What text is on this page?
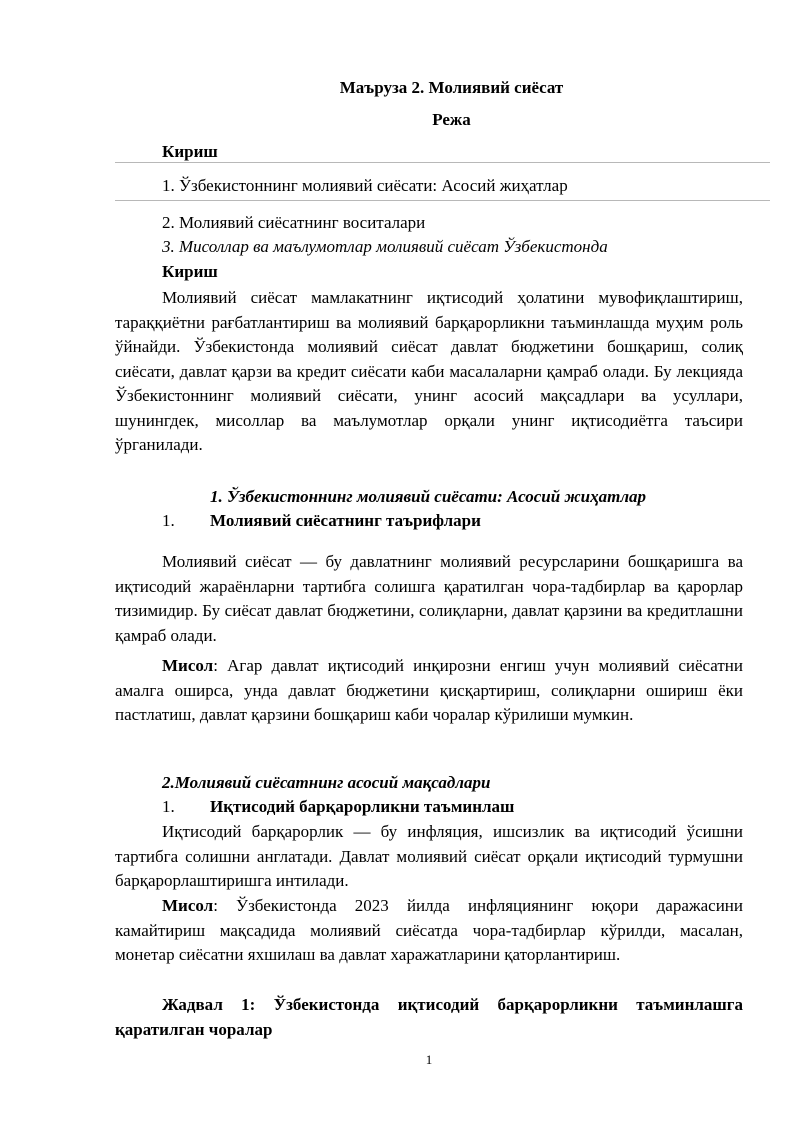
Маъруза 2. Молиявий сиёсат
Режа
Кириш
1. Ўзбекистоннинг молиявий сиёсати: Асосий жиҳатлар
2. Молиявий сиёсатнинг воситалари
3. Мисоллар ва маълумотлар молиявий сиёсат Ўзбекистонда
Кириш
Молиявий сиёсат мамлакатнинг иқтисодий ҳолатини мувофиқлаштириш, тараққиётни рағбатлантириш ва молиявий барқарорликни таъминлашда муҳим роль ўйнайди. Ўзбекистонда молиявий сиёсат давлат бюджетини бошқариш, солиқ сиёсати, давлат қарзи ва кредит сиёсати каби масалаларни қамраб олади. Бу лекцияда Ўзбекистоннинг молиявий сиёсати, унинг асосий мақсадлари ва усуллари, шунингдек, мисоллар ва маълумотлар орқали унинг иқтисодиётга таъсири ўрганилади.
1. Ўзбекистоннинг молиявий сиёсати: Асосий жиҳатлар
1. Молиявий сиёсатнинг таърифлари
Молиявий сиёсат — бу давлатнинг молиявий ресурсларини бошқаришга ва иқтисодий жараёнларни тартибга солишга қаратилган чора-тадбирлар ва қарорлар тизимидир. Бу сиёсат давлат бюджетини, солиқларни, давлат қарзини ва кредитлашни қамраб олади.
Мисол: Агар давлат иқтисодий инқирозни енгиш учун молиявий сиёсатни амалга оширса, унда давлат бюджетини қисқартириш, солиқларни ошириш ёки пастлатиш, давлат қарзини бошқариш каби чоралар кўрилиши мумкин.
2.Молиявий сиёсатнинг асосий мақсадлари
1. Иқтисодий барқарорликни таъминлаш
Иқтисодий барқарорлик — бу инфляция, ишсизлик ва иқтисодий ўсишни тартибга солишни англатади. Давлат молиявий сиёсат орқали иқтисодий турмушни барқарорлаштиришга интилади.
Мисол: Ўзбекистонда 2023 йилда инфляциянинг юқори даражасини камайтириш мақсадида молиявий сиёсатда чора-тадбирлар кўрилди, масалан, монетар сиёсатни яхшилаш ва давлат харажатларини қаторлантириш.
Жадвал 1: Ўзбекистонда иқтисодий барқарорликни таъминлашга қаратилган чоралар
1
